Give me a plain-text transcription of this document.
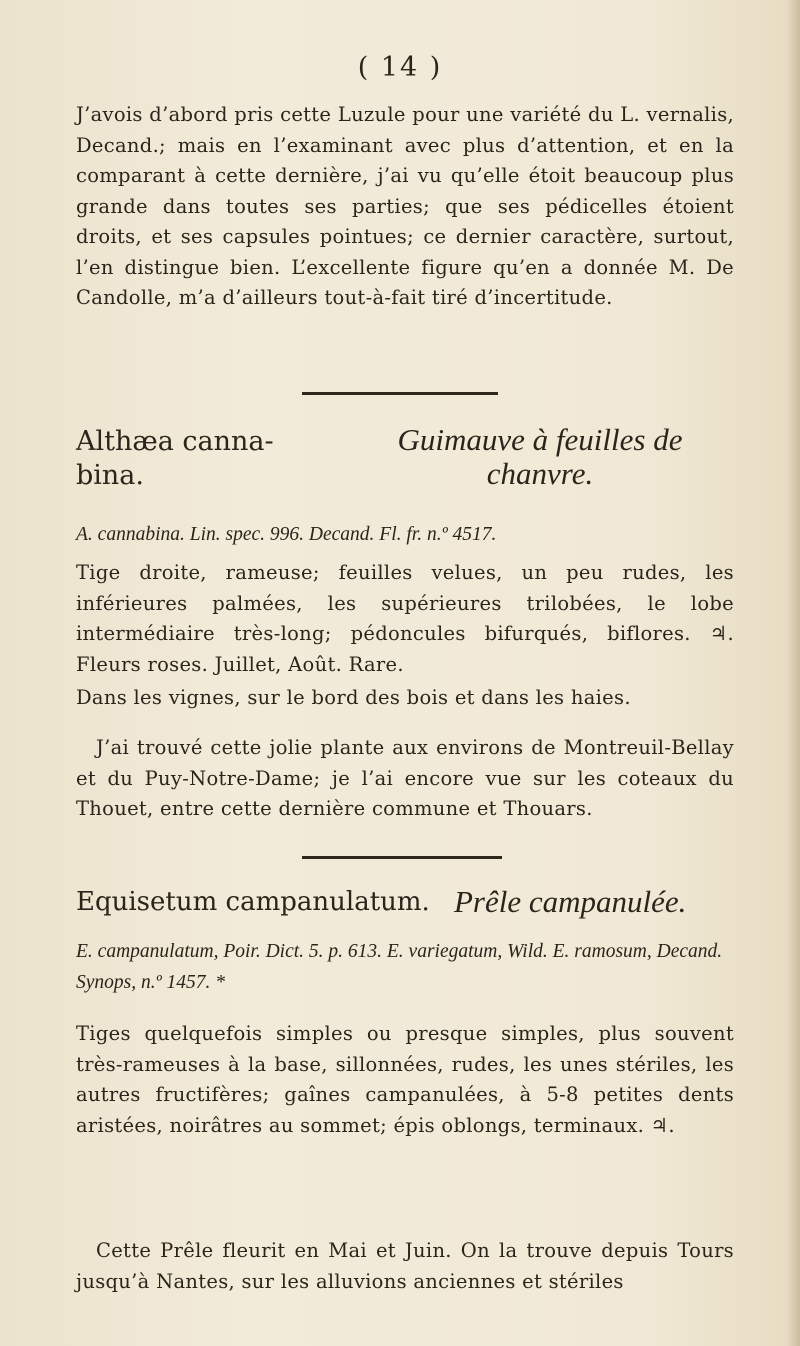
( 14 )
J’avois d’abord pris cette Luzule pour une variété du L. vernalis, Decand.; mais en l’examinant avec plus d’attention, et en la comparant à cette dernière, j’ai vu qu’elle étoit beaucoup plus grande dans toutes ses parties; que ses pédicelles étoient droits, et ses capsules pointues; ce dernier caractère, surtout, l’en distingue bien. L’excellente figure qu’en a donnée M. De Candolle, m’a d’ailleurs tout-à-fait tiré d’incertitude.
Althæa canna-
bina.
Guimauve à feuilles de
chanvre.
A. cannabina. Lin. spec. 996. Decand. Fl. fr. n.º 4517.
Tige droite, rameuse; feuilles velues, un peu rudes, les inférieures palmées, les supérieures trilobées, le lobe intermédiaire très-long; pédoncules bifurqués, biflores. ♃. Fleurs roses. Juillet, Août. Rare.
Dans les vignes, sur le bord des bois et dans les haies.
J’ai trouvé cette jolie plante aux environs de Montreuil-Bellay et du Puy-Notre-Dame; je l’ai encore vue sur les coteaux du Thouet, entre cette dernière commune et Thouars.
Equisetum campanulatum. Prêle campanulée.
E. campanulatum, Poir. Dict. 5. p. 613. E. variegatum, Wild. E. ramosum, Decand. Synops, n.º 1457. *
Tiges quelquefois simples ou presque simples, plus souvent très-rameuses à la base, sillonnées, rudes, les unes stériles, les autres fructifères; gaînes campanulées, à 5-8 petites dents aristées, noirâtres au sommet; épis oblongs, terminaux. ♃.
Cette Prêle fleurit en Mai et Juin. On la trouve depuis Tours jusqu’à Nantes, sur les alluvions anciennes et stériles
